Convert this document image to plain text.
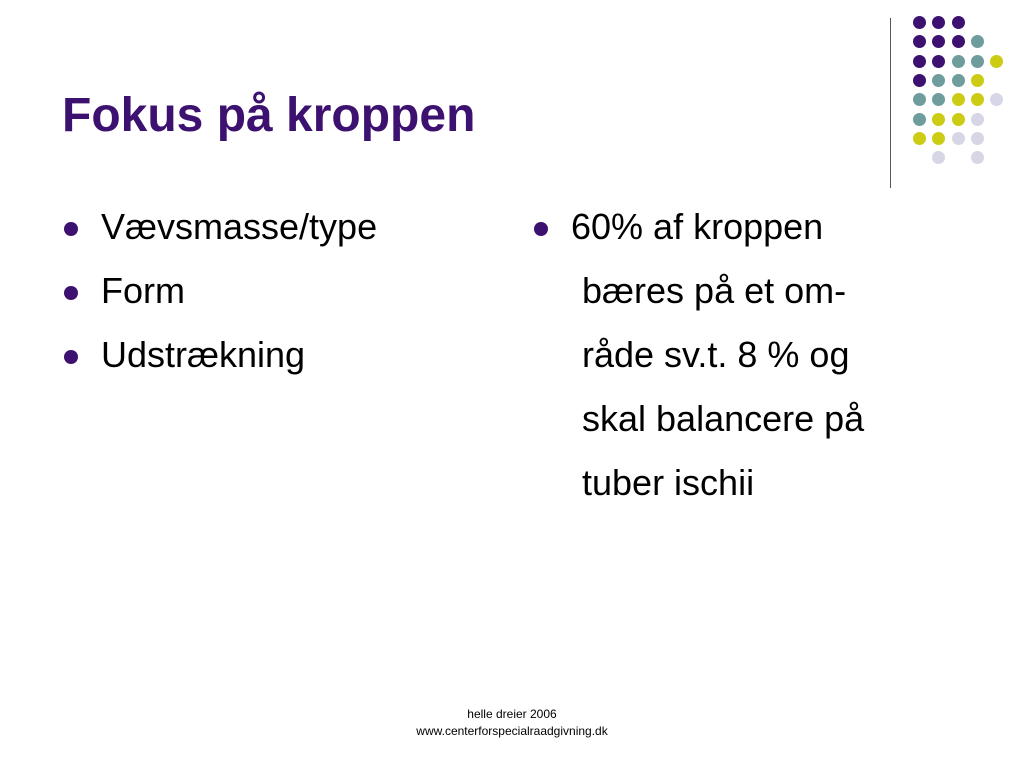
Fokus på kroppen
Vævsmasse/type
Form
Udstrækning
60% af kroppen
bæres på et om-
råde sv.t. 8 % og
skal balancere på
tuber ischii
helle dreier 2006
www.centerforspecialraadgivning.dk
